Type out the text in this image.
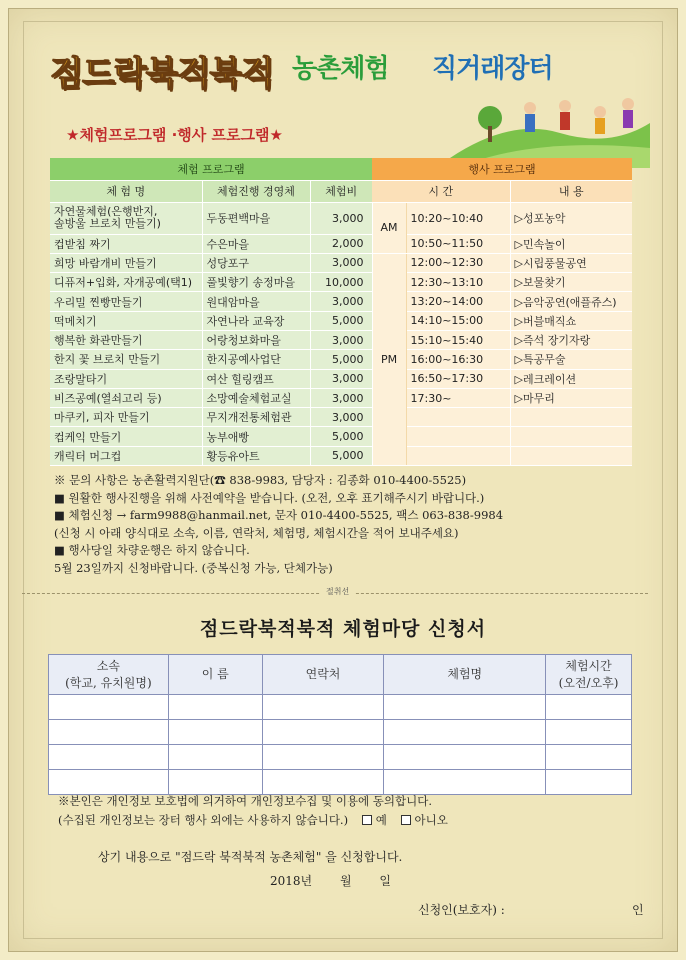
점드락북적북적 농촌체험 직거래장터
★체험프로그램 ·행사 프로그램★
체험 프로그램			행사 프로그램		
체 험 명	체험진행 경영체	체험비	시 간		내 용

자연물체험(은행반지,
솔방울 브로치 만들기)	두동편백마을	3,000	AM	10:20~10:40	▷성포농악
컵받침 짜기	수은마을	2,000		10:50~11:50	▷민속놀이
희망 바람개비 만들기	성당포구	3,000	PM	12:00~12:30	▷시립풍물공연
디퓨저+입화, 자개공예(택1)	풀빛향기 송정마을	10,000		12:30~13:10	▷보물찾기
우리밀 찐빵만들기	원대암마을	3,000		13:20~14:00	▷음악공연(애플쥬스)
떡메치기	자연나라 교육장	5,000		14:10~15:00	▷버블매직쇼
행복한 화관만들기	어랑청보화마을	3,000		15:10~15:40	▷즉석 장기자랑
한지 꽃 브로치 만들기	한지공예사업단	5,000		16:00~16:30	▷특공무술
조랑말타기	여산 힐링캠프	3,000		16:50~17:30	▷레크레이션
비즈공예(열쇠고리 등)	소망예술체험교실	3,000		17:30~	▷마무리
마쿠키, 피자 만들기	무지개전통체험관	3,000			
컵케익 만들기	농부애빵	5,000			
캐릭터 머그컵	황등유아트	5,000			
※ 문의 사항은 농촌활력지원단(☎ 838-9983, 담당자 : 김종화 010-4400-5525)
■ 원활한 행사진행을 위해 사전예약을 받습니다. (오전, 오후 표기해주시기 바랍니다.)
■ 체험신청 → farm9988@hanmail.net, 문자 010-4400-5525, 팩스 063-838-9984
(신청 시 아래 양식대로 소속, 이름, 연락처, 체험명, 체험시간을 적어 보내주세요)
■ 행사당일 차량운행은 하지 않습니다.
5월 23일까지 신청바랍니다. (중복신청 가능, 단체가능)
절취선
점드락북적북적 체험마당 신청서
소속
(학교, 유치원명)	이 름	연락처	체험명	체험시간
(오전/오후)

※본인은 개인정보 보호법에 의거하여 개인정보수집 및 이용에 동의합니다.
(수집된 개인정보는 장터 행사 외에는 사용하지 않습니다.) 예 아니오
상기 내용으로 "점드락 북적북적 농촌체험" 을 신청합니다.
2018년 월 일
신청인(보호자) :	인
